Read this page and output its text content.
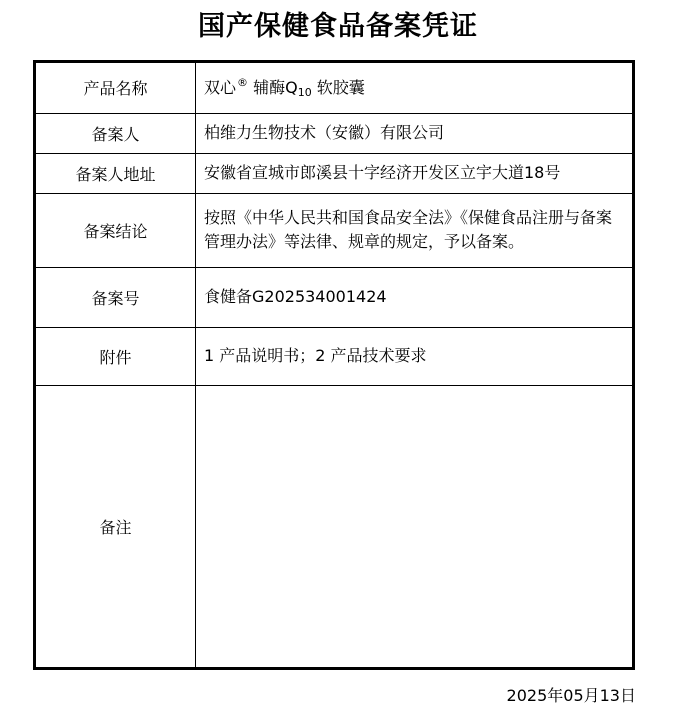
国产保健食品备案凭证
产品名称	双心® 辅酶$Q_{10}$ 软胶囊
备案人	柏维力生物技术（安徽）有限公司
备案人地址	安徽省宣城市郎溪县十字经济开发区立宇大道18号
备案结论	按照《中华人民共和国食品安全法》《保健食品注册与备案管理办法》等法律、规章的规定，予以备案。
备案号	食健备G202534001424
附件	1 产品说明书；2 产品技术要求
备注	
2025年05月13日
